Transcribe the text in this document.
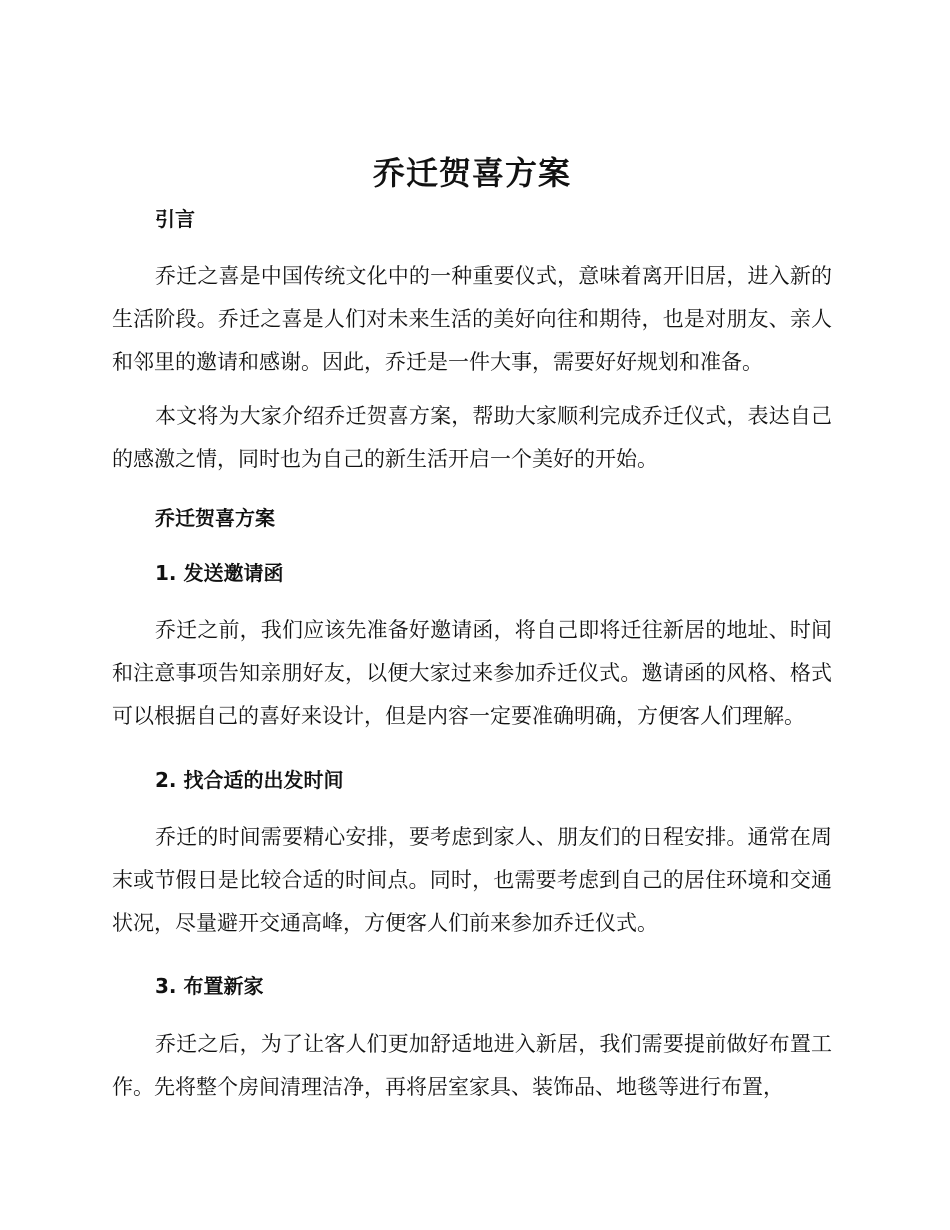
乔迁贺喜方案
引言

乔迁之喜是中国传统文化中的一种重要仪式，意味着离开旧居，进入新的生活阶段。乔迁之喜是人们对未来生活的美好向往和期待，也是对朋友、亲人和邻里的邀请和感谢。因此，乔迁是一件大事，需要好好规划和准备。

本文将为大家介绍乔迁贺喜方案，帮助大家顺利完成乔迁仪式，表达自己的感激之情，同时也为自己的新生活开启一个美好的开始。

乔迁贺喜方案
1. 发送邀请函

乔迁之前，我们应该先准备好邀请函，将自己即将迁往新居的地址、时间和注意事项告知亲朋好友，以便大家过来参加乔迁仪式。邀请函的风格、格式可以根据自己的喜好来设计，但是内容一定要准确明确，方便客人们理解。

2. 找合适的出发时间

乔迁的时间需要精心安排，要考虑到家人、朋友们的日程安排。通常在周末或节假日是比较合适的时间点。同时，也需要考虑到自己的居住环境和交通状况，尽量避开交通高峰，方便客人们前来参加乔迁仪式。

3. 布置新家

乔迁之后，为了让客人们更加舒适地进入新居，我们需要提前做好布置工作。先将整个房间清理洁净，再将居室家具、装饰品、地毯等进行布置，
